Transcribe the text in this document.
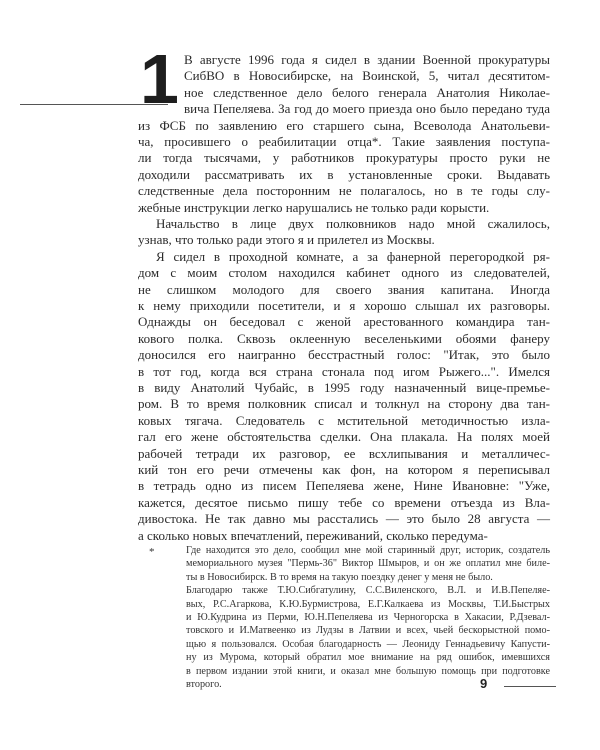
1 В августе 1996 года я сидел в здании Военной прокуратуры
СибВО в Новосибирске, на Воинской, 5, читал десятитом-
ное следственное дело белого генерала Анатолия Николае-
вича Пепеляева. За год до моего приезда оно было передано туда
из ФСБ по заявлению его старшего сына, Всеволода Анатольеви-
ча, просившего о реабилитации отца*. Такие заявления поступа-
ли тогда тысячами, у работников прокуратуры просто руки не
доходили рассматривать их в установленные сроки. Выдавать
следственные дела посторонним не полагалось, но в те годы слу-
жебные инструкции легко нарушались не только ради корысти.
Начальство в лице двух полковников надо мной сжалилось,
узнав, что только ради этого я и прилетел из Москвы.
Я сидел в проходной комнате, а за фанерной перегородкой ря-
дом с моим столом находился кабинет одного из следователей,
не слишком молодого для своего звания капитана. Иногда
к нему приходили посетители, и я хорошо слышал их разговоры.
Однажды он беседовал с женой арестованного командира тан-
кового полка. Сквозь оклеенную веселенькими обоями фанеру
доносился его наигранно бесстрастный голос: "Итак, это было
в тот год, когда вся страна стонала под игом Рыжего...". Имелся
в виду Анатолий Чубайс, в 1995 году назначенный вице-премье-
ром. В то время полковник списал и толкнул на сторону два тан-
ковых тягача. Следователь с мстительной методичностью излa-
гал его жене обстоятельства сделки. Она плакала. На полях моей
рабочей тетради их разговор, ее всхлипывания и металличес-
кий тон его речи отмечены как фон, на котором я переписывал
в тетрадь одно из писем Пепеляева жене, Нине Ивановне: "Уже,
кажется, десятое письмо пишу тебе со времени отъезда из Вла-
дивостока. Не так давно мы расстались — это было 28 августа —
а сколько новых впечатлений, переживаний, сколько передума-
*	Где находится это дело, сообщил мне мой старинный друг, историк, создатель
мемориального музея "Пермь-36" Виктор Шмыров, и он же оплатил мне биле-
ты в Новосибирск. В то время на такую поездку денег у меня не было.
Благодарю также Т.Ю.Сибгатулину, С.С.Виленского, В.Л. и И.В.Пепеляе-
вых, Р.С.Агаркова, К.Ю.Бурмистрова, Е.Г.Калкаева из Москвы, Т.И.Быстрых
и Ю.Кудрина из Перми, Ю.Н.Пепеляева из Черногорска в Хакасии, Р.Дзевал-
товского и И.Матвеенко из Лудзы в Латвии и всех, чьей бескорыстной помо-
щью я пользовался. Особая благодарность — Леониду Геннадьевичу Капусти-
ну из Мурома, который обратил мое внимание на ряд ошибок, имевшихся
в первом издании этой книги, и оказал мне большую помощь при подготовке
второго.	9
